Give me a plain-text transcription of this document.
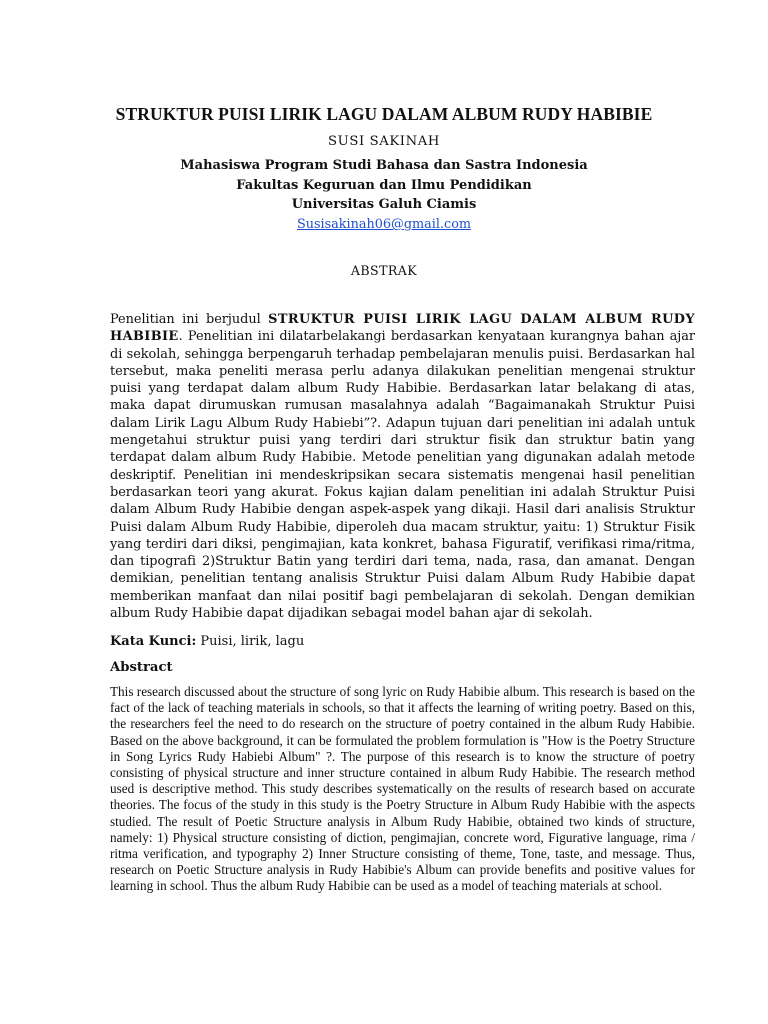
STRUKTUR PUISI LIRIK LAGU DALAM ALBUM RUDY HABIBIE
SUSI SAKINAH
Mahasiswa Program Studi Bahasa dan Sastra Indonesia
Fakultas Keguruan dan Ilmu Pendidikan
Universitas Galuh Ciamis
Susisakinah06@gmail.com
ABSTRAK
Penelitian ini berjudul STRUKTUR PUISI LIRIK LAGU DALAM ALBUM RUDY HABIBIE. Penelitian ini dilatarbelakangi berdasarkan kenyataan kurangnya bahan ajar di sekolah, sehingga berpengaruh terhadap pembelajaran menulis puisi. Berdasarkan hal tersebut, maka peneliti merasa perlu adanya dilakukan penelitian mengenai struktur puisi yang terdapat dalam album Rudy Habibie. Berdasarkan latar belakang di atas, maka dapat dirumuskan rumusan masalahnya adalah “Bagaimanakah Struktur Puisi dalam Lirik Lagu Album Rudy Habiebi”?. Adapun tujuan dari penelitian ini adalah untuk mengetahui struktur puisi yang terdiri dari struktur fisik dan struktur batin yang terdapat dalam album Rudy Habibie. Metode penelitian yang digunakan adalah metode deskriptif. Penelitian ini mendeskripsikan secara sistematis mengenai hasil penelitian berdasarkan teori yang akurat. Fokus kajian dalam penelitian ini adalah Struktur Puisi dalam Album Rudy Habibie dengan aspek-aspek yang dikaji. Hasil dari analisis Struktur Puisi dalam Album Rudy Habibie, diperoleh dua macam struktur, yaitu: 1) Struktur Fisik yang terdiri dari diksi, pengimajian, kata konkret, bahasa Figuratif, verifikasi rima/ritma, dan tipografi 2)Struktur Batin yang terdiri dari tema, nada, rasa, dan amanat. Dengan demikian, penelitian tentang analisis Struktur Puisi dalam Album Rudy Habibie dapat memberikan manfaat dan nilai positif bagi pembelajaran di sekolah. Dengan demikian album Rudy Habibie dapat dijadikan sebagai model bahan ajar di sekolah.
Kata Kunci: Puisi, lirik, lagu
Abstract
This research discussed about the structure of song lyric on Rudy Habibie album. This research is based on the fact of the lack of teaching materials in schools, so that it affects the learning of writing poetry. Based on this, the researchers feel the need to do research on the structure of poetry contained in the album Rudy Habibie. Based on the above background, it can be formulated the problem formulation is "How is the Poetry Structure in Song Lyrics Rudy Habiebi Album" ?. The purpose of this research is to know the structure of poetry consisting of physical structure and inner structure contained in album Rudy Habibie. The research method used is descriptive method. This study describes systematically on the results of research based on accurate theories. The focus of the study in this study is the Poetry Structure in Album Rudy Habibie with the aspects studied. The result of Poetic Structure analysis in Album Rudy Habibie, obtained two kinds of structure, namely: 1) Physical structure consisting of diction, pengimajian, concrete word, Figurative language, rima / ritma verification, and typography 2) Inner Structure consisting of theme, Tone, taste, and message. Thus, research on Poetic Structure analysis in Rudy Habibie's Album can provide benefits and positive values for learning in school. Thus the album Rudy Habibie can be used as a model of teaching materials at school.
